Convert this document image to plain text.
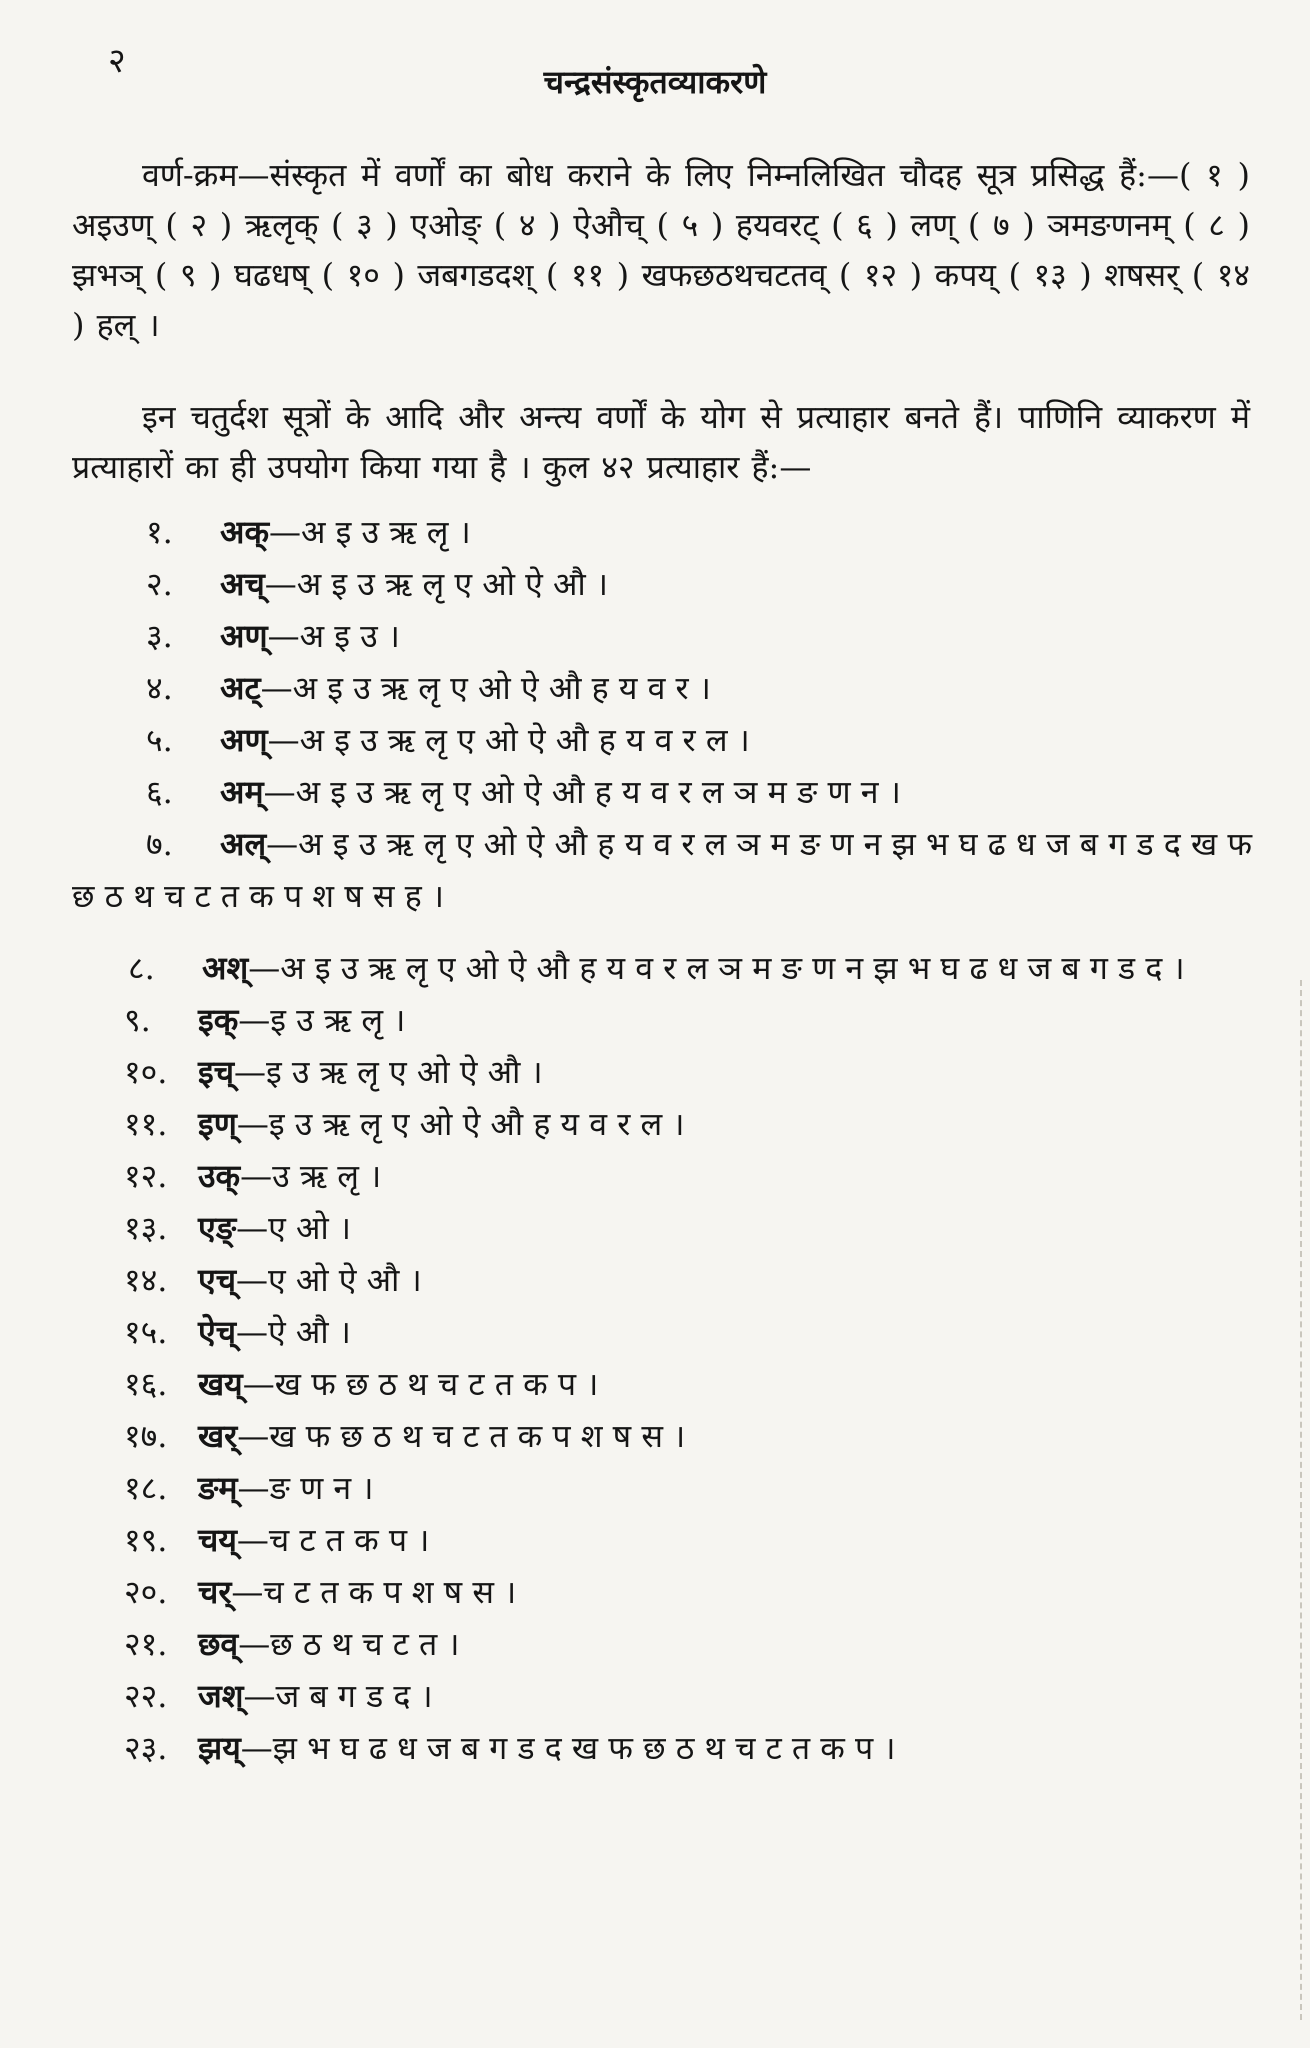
२
चन्द्रसंस्कृतव्याकरणे
वर्ण-क्रम—संस्कृत में वर्णों का बोध कराने के लिए निम्नलिखित चौदह सूत्र प्रसिद्ध हैं:—( १ ) अइउण् ( २ ) ऋलृक् ( ३ ) एओङ् ( ४ ) ऐऔच् ( ५ ) हयवरट् ( ६ ) लण् ( ७ ) ञमङणनम् ( ८ ) झभञ् ( ९ ) घढधष् ( १० ) जबगडदश् ( ११ ) खफछठथचटतव् ( १२ ) कपय् ( १३ ) शषसर् ( १४ ) हल् ।
इन चतुर्दश सूत्रों के आदि और अन्त्य वर्णों के योग से प्रत्याहार बनते हैं। पाणिनि व्याकरण में प्रत्याहारों का ही उपयोग किया गया है । कुल ४२ प्रत्याहार हैं:—
१. अक्—अ इ उ ऋ लृ ।
२. अच्—अ इ उ ऋ लृ ए ओ ऐ औ ।
३. अण्—अ इ उ ।
४. अट्—अ इ उ ऋ लृ ए ओ ऐ औ ह य व र ।
५. अण्—अ इ उ ऋ लृ ए ओ ऐ औ ह य व र ल ।
६. अम्—अ इ उ ऋ लृ ए ओ ऐ औ ह य व र ल ञ म ङ ण न ।
७. अल्—अ इ उ ऋ लृ ए ओ ऐ औ ह य व र ल ञ म ङ ण न झ भ घ ढ ध ज ब ग ड द ख फ छ ठ थ च ट त क प श ष स ह ।
८. अश्—अ इ उ ऋ लृ ए ओ ऐ औ ह य व र ल ञ म ङ ण न झ भ घ ढ ध ज ब ग ड द ।
९. इक्—इ उ ऋ लृ ।
१०. इच्—इ उ ऋ लृ ए ओ ऐ औ ।
११. इण्—इ उ ऋ लृ ए ओ ऐ औ ह य व र ल ।
१२. उक्—उ ऋ लृ ।
१३. एङ्—ए ओ ।
१४. एच्—ए ओ ऐ औ ।
१५. ऐच्—ऐ औ ।
१६. खय्—ख फ छ ठ थ च ट त क प ।
१७. खर्—ख फ छ ठ थ च ट त क प श ष स ।
१८. ङम्—ङ ण न ।
१९. चय्—च ट त क प ।
२०. चर्—च ट त क प श ष स ।
२१. छव्—छ ठ थ च ट त ।
२२. जश्—ज ब ग ड द ।
२३. झय्—झ भ घ ढ ध ज ब ग ड द ख फ छ ठ थ च ट त क प ।
